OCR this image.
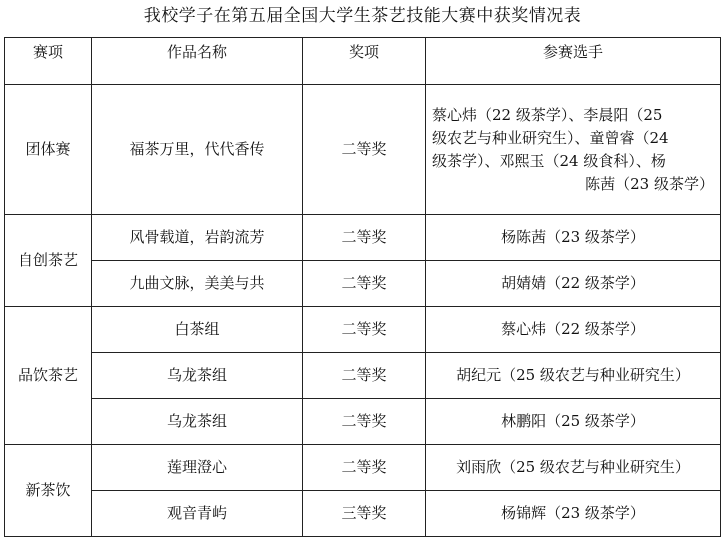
我校学子在第五届全国大学生茶艺技能大赛中获奖情况表
赛项	作品名称	奖项	参赛选手
团体赛	福茶万里，代代香传	二等奖	蔡心炜（22 级茶学）、李晨阳（25
级农艺与种业研究生）、童曾睿（24
级茶学）、邓熙玉（24 级食科）、杨
陈茜（23 级茶学）

自创茶艺	风骨载道，岩韵流芳	二等奖	杨陈茜（23 级茶学）
	九曲文脉，美美与共	二等奖	胡婧婧（22 级茶学）
品饮茶艺	白茶组	二等奖	蔡心炜（22 级茶学）
	乌龙茶组	二等奖	胡纪元（25 级农艺与种业研究生）
	乌龙茶组	二等奖	林鹏阳（25 级茶学）
新茶饮	莲理澄心	二等奖	刘雨欣（25 级农艺与种业研究生）
	观音青屿	三等奖	杨锦辉（23 级茶学）
